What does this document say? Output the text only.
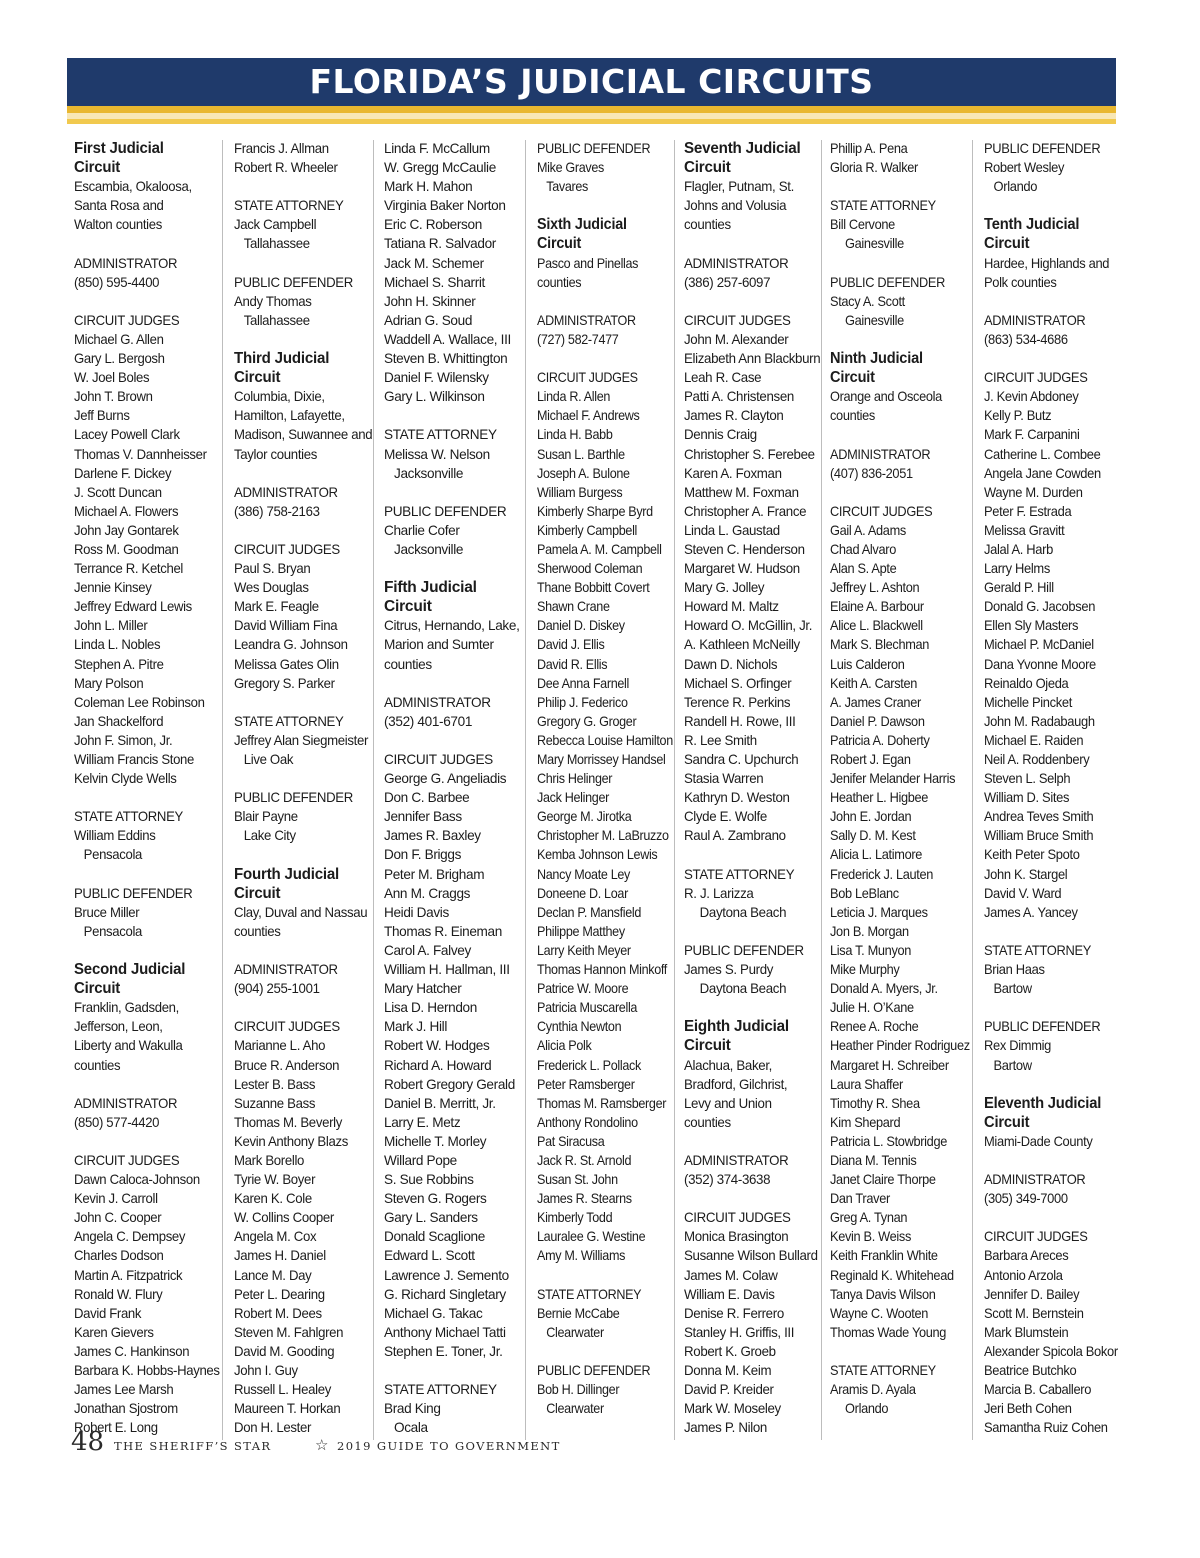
FLORIDA’S JUDICIAL CIRCUITS
First Judicial
Circuit
Escambia, Okaloosa,
Santa Rosa and
Walton counties
ADMINISTRATOR
(850) 595-4400
CIRCUIT JUDGES
Michael G. Allen
Gary L. Bergosh
W. Joel Boles
John T. Brown
Jeff Burns
Lacey Powell Clark
Thomas V. Dannheisser
Darlene F. Dickey
J. Scott Duncan
Michael A. Flowers
John Jay Gontarek
Ross M. Goodman
Terrance R. Ketchel
Jennie Kinsey
Jeffrey Edward Lewis
John L. Miller
Linda L. Nobles
Stephen A. Pitre
Mary Polson
Coleman Lee Robinson
Jan Shackelford
John F. Simon, Jr.
William Francis Stone
Kelvin Clyde Wells
STATE ATTORNEY
William Eddins
Pensacola
PUBLIC DEFENDER
Bruce Miller
Pensacola
Second Judicial
Circuit
Franklin, Gadsden,
Jefferson, Leon,
Liberty and Wakulla
counties
ADMINISTRATOR
(850) 577-4420
CIRCUIT JUDGES
Dawn Caloca-Johnson
Kevin J. Carroll
John C. Cooper
Angela C. Dempsey
Charles Dodson
Martin A. Fitzpatrick
Ronald W. Flury
David Frank
Karen Gievers
James C. Hankinson
Barbara K. Hobbs-Haynes
James Lee Marsh
Jonathan Sjostrom
Robert E. Long
Francis J. Allman
Robert R. Wheeler
STATE ATTORNEY
Jack Campbell
Tallahassee
PUBLIC DEFENDER
Andy Thomas
Tallahassee
Third Judicial
Circuit
Columbia, Dixie,
Hamilton, Lafayette,
Madison, Suwannee and
Taylor counties
ADMINISTRATOR
(386) 758-2163
CIRCUIT JUDGES
Paul S. Bryan
Wes Douglas
Mark E. Feagle
David William Fina
Leandra G. Johnson
Melissa Gates Olin
Gregory S. Parker
STATE ATTORNEY
Jeffrey Alan Siegmeister
Live Oak
PUBLIC DEFENDER
Blair Payne
Lake City
Fourth Judicial
Circuit
Clay, Duval and Nassau
counties
ADMINISTRATOR
(904) 255-1001
CIRCUIT JUDGES
Marianne L. Aho
Bruce R. Anderson
Lester B. Bass
Suzanne Bass
Thomas M. Beverly
Kevin Anthony Blazs
Mark Borello
Tyrie W. Boyer
Karen K. Cole
W. Collins Cooper
Angela M. Cox
James H. Daniel
Lance M. Day
Peter L. Dearing
Robert M. Dees
Steven M. Fahlgren
David M. Gooding
John I. Guy
Russell L. Healey
Maureen T. Horkan
Don H. Lester
Linda F. McCallum
W. Gregg McCaulie
Mark H. Mahon
Virginia Baker Norton
Eric C. Roberson
Tatiana R. Salvador
Jack M. Schemer
Michael S. Sharrit
John H. Skinner
Adrian G. Soud
Waddell A. Wallace, III
Steven B. Whittington
Daniel F. Wilensky
Gary L. Wilkinson
STATE ATTORNEY
Melissa W. Nelson
Jacksonville
PUBLIC DEFENDER
Charlie Cofer
Jacksonville
Fifth Judicial
Circuit
Citrus, Hernando, Lake,
Marion and Sumter
counties
ADMINISTRATOR
(352) 401-6701
CIRCUIT JUDGES
George G. Angeliadis
Don C. Barbee
Jennifer Bass
James R. Baxley
Don F. Briggs
Peter M. Brigham
Ann M. Craggs
Heidi Davis
Thomas R. Eineman
Carol A. Falvey
William H. Hallman, III
Mary Hatcher
Lisa D. Herndon
Mark J. Hill
Robert W. Hodges
Richard A. Howard
Robert Gregory Gerald
Daniel B. Merritt, Jr.
Larry E. Metz
Michelle T. Morley
Willard Pope
S. Sue Robbins
Steven G. Rogers
Gary L. Sanders
Donald Scaglione
Edward L. Scott
Lawrence J. Semento
G. Richard Singletary
Michael G. Takac
Anthony Michael Tatti
Stephen E. Toner, Jr.
STATE ATTORNEY
Brad King
Ocala
PUBLIC DEFENDER
Mike Graves
Tavares
Sixth Judicial
Circuit
Pasco and Pinellas
counties
ADMINISTRATOR
(727) 582-7477
CIRCUIT JUDGES
Linda R. Allen
Michael F. Andrews
Linda H. Babb
Susan L. Barthle
Joseph A. Bulone
William Burgess
Kimberly Sharpe Byrd
Kimberly Campbell
Pamela A. M. Campbell
Sherwood Coleman
Thane Bobbitt Covert
Shawn Crane
Daniel D. Diskey
David J. Ellis
David R. Ellis
Dee Anna Farnell
Philip J. Federico
Gregory G. Groger
Rebecca Louise Hamilton
Mary Morrissey Handsel
Chris Helinger
Jack Helinger
George M. Jirotka
Christopher M. LaBruzzo
Kemba Johnson Lewis
Nancy Moate Ley
Doneene D. Loar
Declan P. Mansfield
Philippe Matthey
Larry Keith Meyer
Thomas Hannon Minkoff
Patrice W. Moore
Patricia Muscarella
Cynthia Newton
Alicia Polk
Frederick L. Pollack
Peter Ramsberger
Thomas M. Ramsberger
Anthony Rondolino
Pat Siracusa
Jack R. St. Arnold
Susan St. John
James R. Stearns
Kimberly Todd
Lauralee G. Westine
Amy M. Williams
STATE ATTORNEY
Bernie McCabe
Clearwater
PUBLIC DEFENDER
Bob H. Dillinger
Clearwater
Seventh Judicial
Circuit
Flagler, Putnam, St.
Johns and Volusia
counties
ADMINISTRATOR
(386) 257-6097
CIRCUIT JUDGES
John M. Alexander
Elizabeth Ann Blackburn
Leah R. Case
Patti A. Christensen
James R. Clayton
Dennis Craig
Christopher S. Ferebee
Karen A. Foxman
Matthew M. Foxman
Christopher A. France
Linda L. Gaustad
Steven C. Henderson
Margaret W. Hudson
Mary G. Jolley
Howard M. Maltz
Howard O. McGillin, Jr.
A. Kathleen McNeilly
Dawn D. Nichols
Michael S. Orfinger
Terence R. Perkins
Randell H. Rowe, III
R. Lee Smith
Sandra C. Upchurch
Stasia Warren
Kathryn D. Weston
Clyde E. Wolfe
Raul A. Zambrano
STATE ATTORNEY
R. J. Larizza
Daytona Beach
PUBLIC DEFENDER
James S. Purdy
Daytona Beach
Eighth Judicial
Circuit
Alachua, Baker,
Bradford, Gilchrist,
Levy and Union
counties
ADMINISTRATOR
(352) 374-3638
CIRCUIT JUDGES
Monica Brasington
Susanne Wilson Bullard
James M. Colaw
William E. Davis
Denise R. Ferrero
Stanley H. Griffis, III
Robert K. Groeb
Donna M. Keim
David P. Kreider
Mark W. Moseley
James P. Nilon
Phillip A. Pena
Gloria R. Walker
STATE ATTORNEY
Bill Cervone
Gainesville
PUBLIC DEFENDER
Stacy A. Scott
Gainesville
Ninth Judicial
Circuit
Orange and Osceola
counties
ADMINISTRATOR
(407) 836-2051
CIRCUIT JUDGES
Gail A. Adams
Chad Alvaro
Alan S. Apte
Jeffrey L. Ashton
Elaine A. Barbour
Alice L. Blackwell
Mark S. Blechman
Luis Calderon
Keith A. Carsten
A. James Craner
Daniel P. Dawson
Patricia A. Doherty
Robert J. Egan
Jenifer Melander Harris
Heather L. Higbee
John E. Jordan
Sally D. M. Kest
Alicia L. Latimore
Frederick J. Lauten
Bob LeBlanc
Leticia J. Marques
Jon B. Morgan
Lisa T. Munyon
Mike Murphy
Donald A. Myers, Jr.
Julie H. O’Kane
Renee A. Roche
Heather Pinder Rodriguez
Margaret H. Schreiber
Laura Shaffer
Timothy R. Shea
Kim Shepard
Patricia L. Stowbridge
Diana M. Tennis
Janet Claire Thorpe
Dan Traver
Greg A. Tynan
Kevin B. Weiss
Keith Franklin White
Reginald K. Whitehead
Tanya Davis Wilson
Wayne C. Wooten
Thomas Wade Young
STATE ATTORNEY
Aramis D. Ayala
Orlando
PUBLIC DEFENDER
Robert Wesley
Orlando
Tenth Judicial
Circuit
Hardee, Highlands and
Polk counties
ADMINISTRATOR
(863) 534-4686
CIRCUIT JUDGES
J. Kevin Abdoney
Kelly P. Butz
Mark F. Carpanini
Catherine L. Combee
Angela Jane Cowden
Wayne M. Durden
Peter F. Estrada
Melissa Gravitt
Jalal A. Harb
Larry Helms
Gerald P. Hill
Donald G. Jacobsen
Ellen Sly Masters
Michael P. McDaniel
Dana Yvonne Moore
Reinaldo Ojeda
Michelle Pincket
John M. Radabaugh
Michael E. Raiden
Neil A. Roddenbery
Steven L. Selph
William D. Sites
Andrea Teves Smith
William Bruce Smith
Keith Peter Spoto
John K. Stargel
David V. Ward
James A. Yancey
STATE ATTORNEY
Brian Haas
Bartow
PUBLIC DEFENDER
Rex Dimmig
Bartow
Eleventh Judicial
Circuit
Miami-Dade County
ADMINISTRATOR
(305) 349-7000
CIRCUIT JUDGES
Barbara Areces
Antonio Arzola
Jennifer D. Bailey
Scott M. Bernstein
Mark Blumstein
Alexander Spicola Bokor
Beatrice Butchko
Marcia B. Caballero
Jeri Beth Cohen
Samantha Ruiz Cohen
48 THE SHERIFF’S STAR	☆ 2019 GUIDE TO GOVERNMENT
